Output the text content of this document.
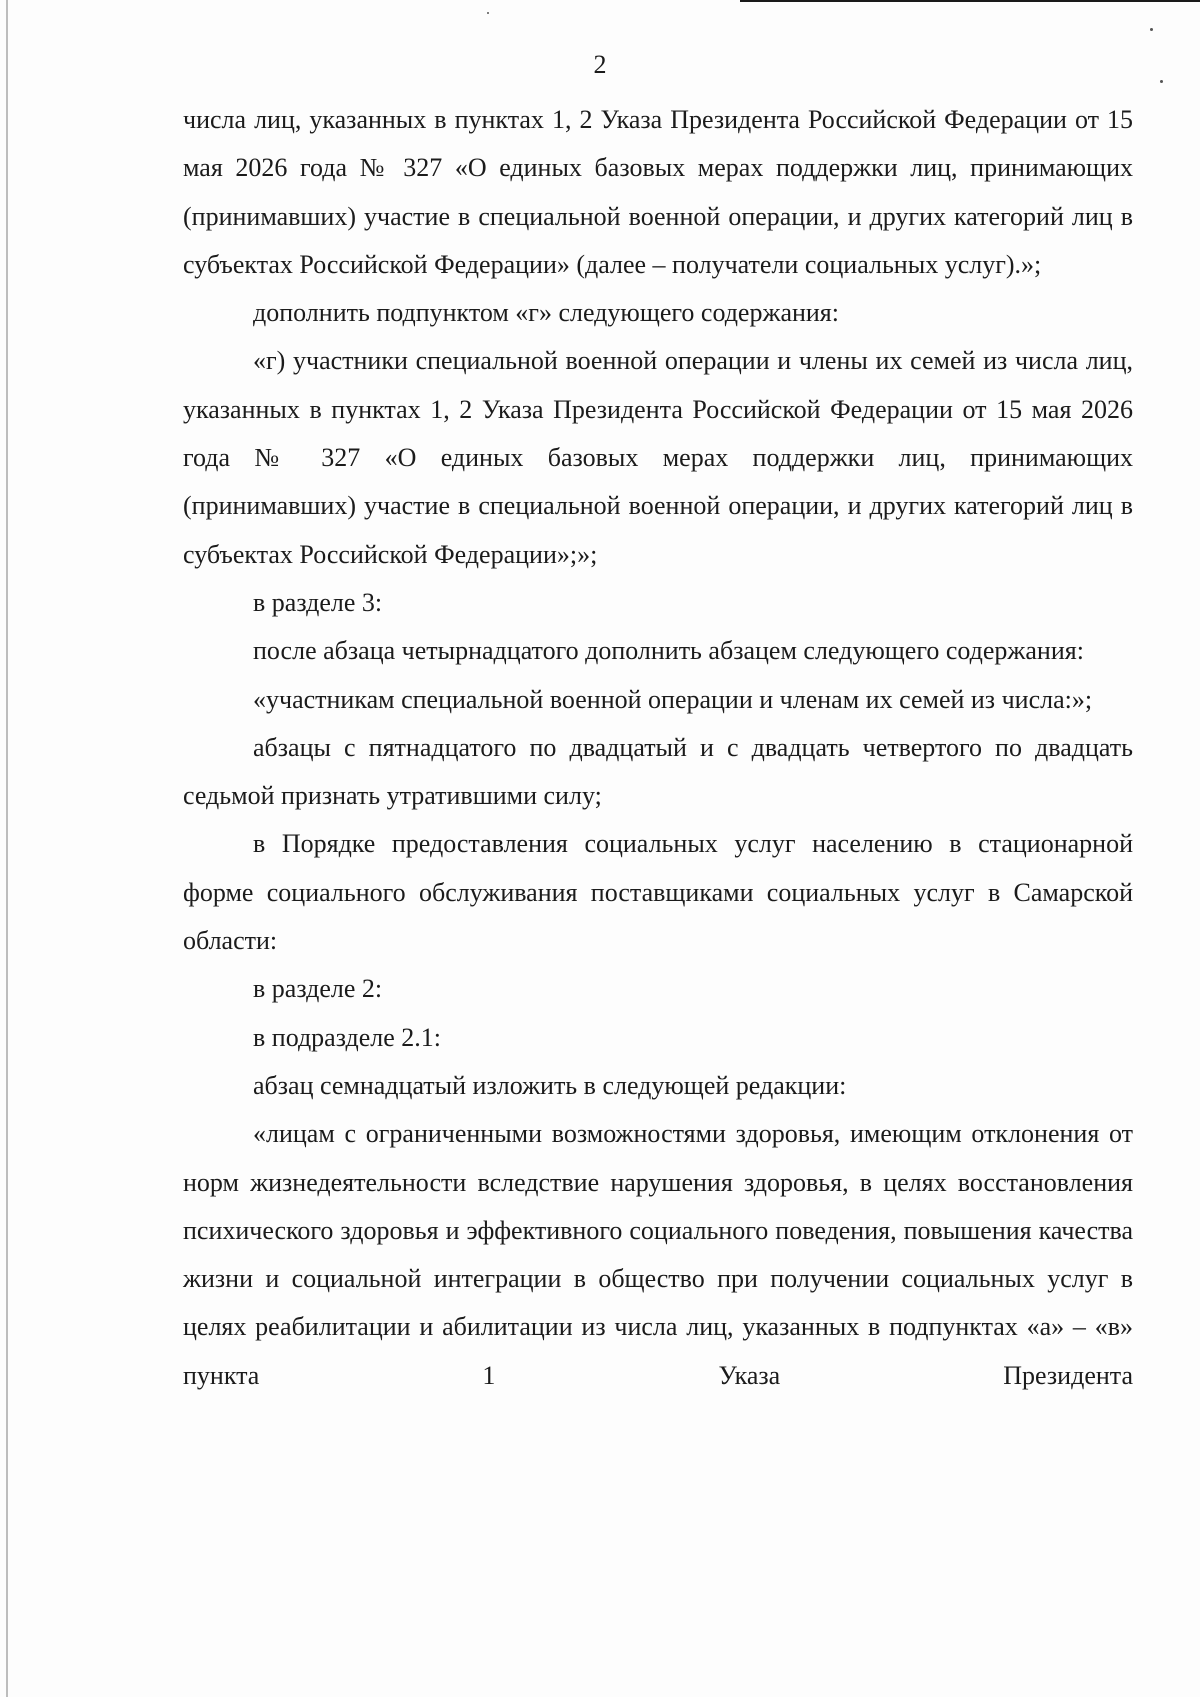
2

числа лиц, указанных в пунктах 1, 2 Указа Президента Российской Федерации от 15 мая 2026 года № 327 «О единых базовых мерах поддержки лиц, принимающих (принимавших) участие в специальной военной операции, и других категорий лиц в субъектах Российской Федерации» (далее – получатели социальных услуг).»;

дополнить подпунктом «г» следующего содержания:

«г) участники специальной военной операции и члены их семей из числа лиц, указанных в пунктах 1, 2 Указа Президента Российской Федерации от 15 мая 2026 года № 327 «О единых базовых мерах поддержки лиц, принимающих (принимавших) участие в специальной военной операции, и других категорий лиц в субъектах Российской Федерации»;»;

в разделе 3:

после абзаца четырнадцатого дополнить абзацем следующего содержания:

«участникам специальной военной операции и членам их семей из числа:»;

абзацы с пятнадцатого по двадцатый и с двадцать четвертого по двадцать седьмой признать утратившими силу;

в Порядке предоставления социальных услуг населению в стационарной форме социального обслуживания поставщиками социальных услуг в Самарской области:

в разделе 2:

в подразделе 2.1:

абзац семнадцатый изложить в следующей редакции:

«лицам с ограниченными возможностями здоровья, имеющим отклонения от норм жизнедеятельности вследствие нарушения здоровья, в целях восстановления психического здоровья и эффективного социального поведения, повышения качества жизни и социальной интеграции в общество при получении социальных услуг в целях реабилитации и абилитации из числа лиц, указанных в подпунктах «а» – «в» пункта 1 Указа Президента
